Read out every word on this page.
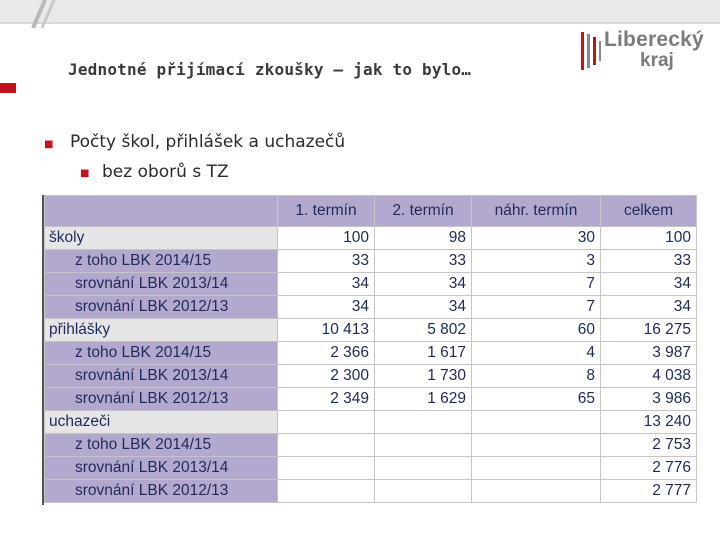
Jednotné přijímací zkoušky – jak to bylo…
Liberecký
kraj
■ Počty škol, přihlášek a uchazečů
■ bez oborů s TZ
	1. termín	2. termín	náhr. termín	celkem
školy	100	98	30	100
z toho LBK 2014/15	33	33	3	33
srovnání LBK 2013/14	34	34	7	34
srovnání LBK 2012/13	34	34	7	34
přihlášky	10 413	5 802	60	16 275
z toho LBK 2014/15	2 366	1 617	4	3 987
srovnání LBK 2013/14	2 300	1 730	8	4 038
srovnání LBK 2012/13	2 349	1 629	65	3 986
uchazeči				13 240
z toho LBK 2014/15				2 753
srovnání LBK 2013/14				2 776
srovnání LBK 2012/13				2 777
